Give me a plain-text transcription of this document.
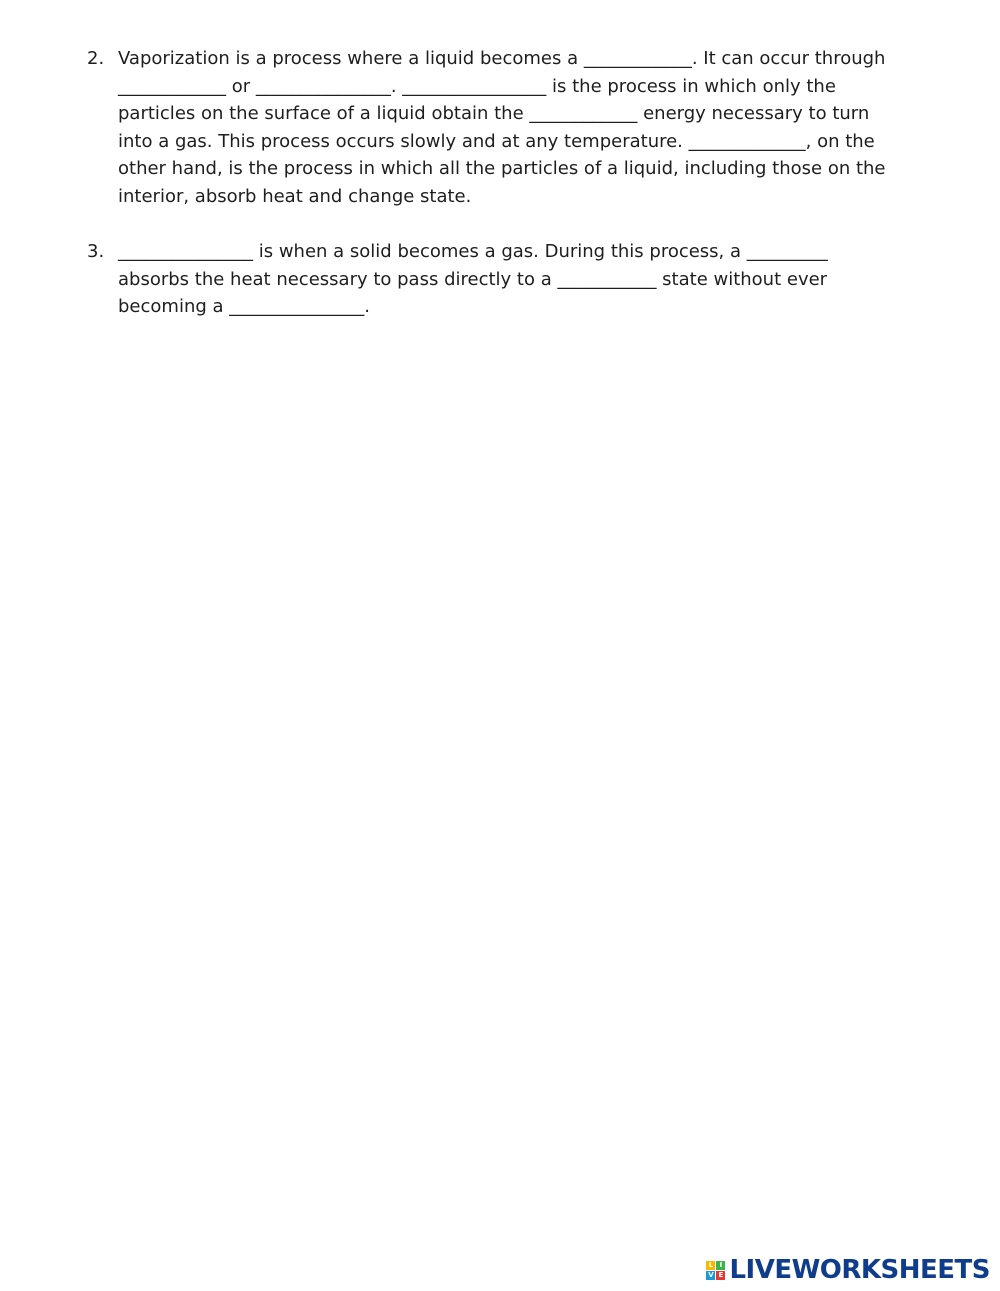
2. Vaporization is a process where a liquid becomes a ____________. It can occur through
____________ or _______________. ________________ is the process in which only the
particles on the surface of a liquid obtain the ____________ energy necessary to turn
into a gas. This process occurs slowly and at any temperature. _____________, on the
other hand, is the process in which all the particles of a liquid, including those on the
interior, absorb heat and change state.
3. _______________ is when a solid becomes a gas. During this process, a _________
absorbs the heat necessary to pass directly to a ___________ state without ever
becoming a _______________.
L I
V E LIVEWORKSHEETS
